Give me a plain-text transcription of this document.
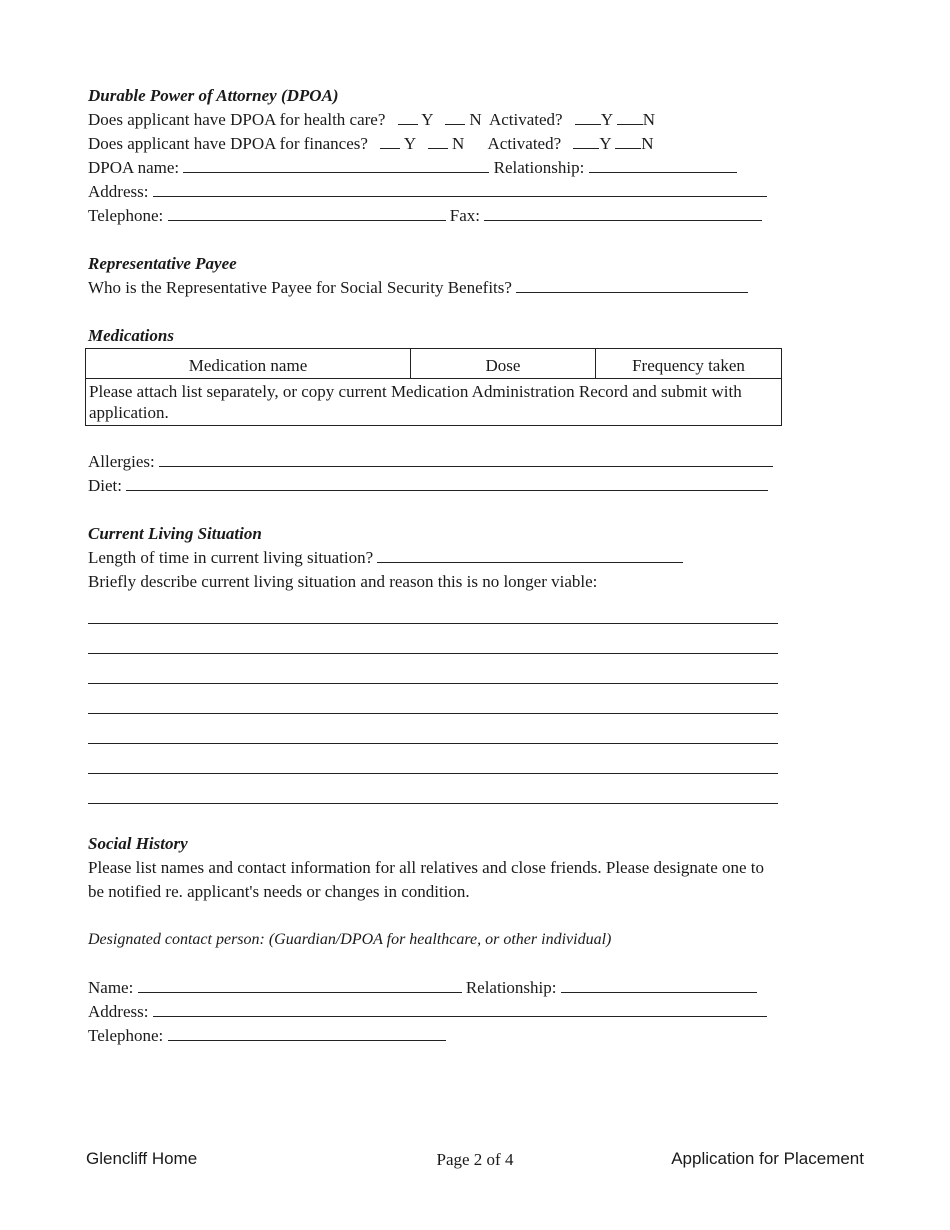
Durable Power of Attorney (DPOA)
Does applicant have DPOA for health care? Y N Activated? Y N
Does applicant have DPOA for finances? Y N Activated? Y N
DPOA name:	Relationship:
Address:
Telephone:	Fax:
Representative Payee
Who is the Representative Payee for Social Security Benefits?
Medications
Medication name	Dose	Frequency taken
Please attach list separately, or copy current Medication Administration Record and submit with application.
Allergies:
Diet:
Current Living Situation
Length of time in current living situation?
Briefly describe current living situation and reason this is no longer viable:
Social History
Please list names and contact information for all relatives and close friends. Please designate one to be notified re. applicant's needs or changes in condition.
Designated contact person: (Guardian/DPOA for healthcare, or other individual)
Name:	Relationship:
Address:
Telephone:
Glencliff Home	Page 2 of 4	Application for Placement
